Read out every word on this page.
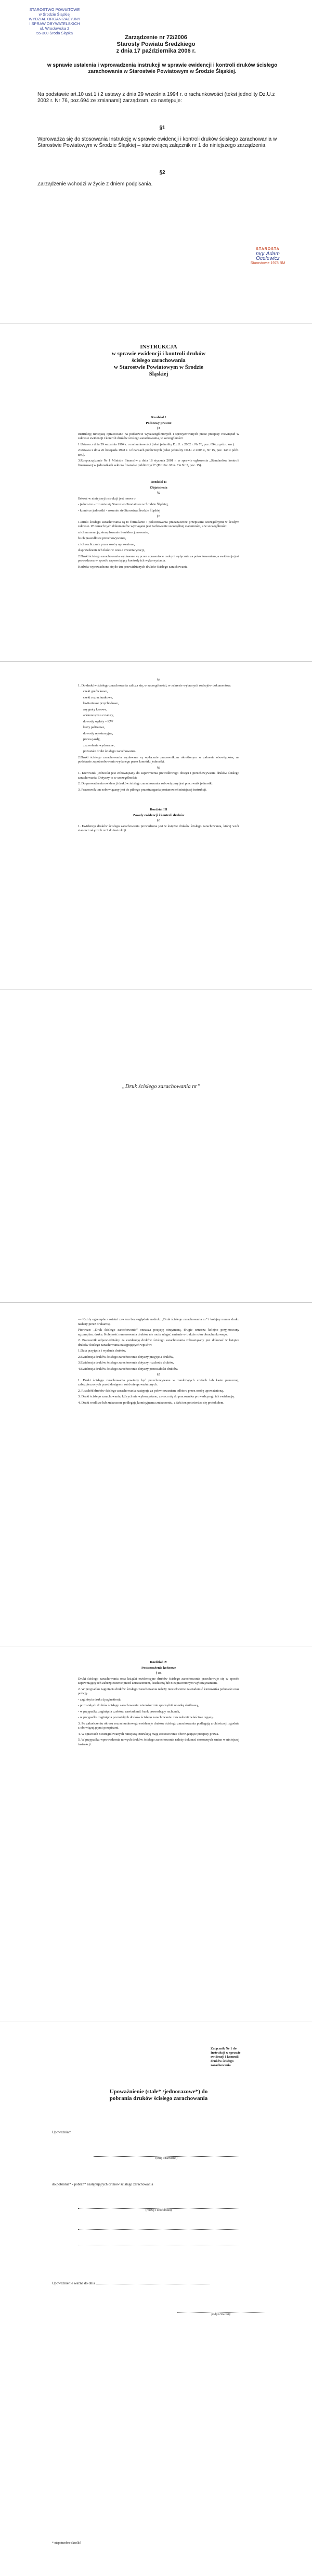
STAROSTWO POWIATOWE
w Środzie Śląskiej
WYDZIAŁ ORGANIZACYJNY
I SPRAW OBYWATELSKICH
ul. Wrocławska 2
55-300 Środa Śląska
Zarządzenie nr 72/2006
Starosty Powiatu Średzkiego
z dnia 17 października 2006 r.
w sprawie ustalenia i wprowadzenia instrukcji w sprawie ewidencji i kontroli druków ścisłego zarachowania w Starostwie Powiatowym w Środzie Śląskiej.
Na podstawie art.10 ust.1 i 2 ustawy z dnia 29 września 1994 r. o rachunkowości (tekst jednolity Dz.U.z 2002 r. Nr 76, poz.694 ze zmianami) zarządzam, co następuje:
§1
Wprowadza się do stosowania Instrukcję w sprawie ewidencji i kontroli druków ścisłego zarachowania w Starostwie Powiatowym w Środzie Śląskiej – stanowiącą załącznik nr 1 do niniejszego zarządzenia.
§2
Zarządzenie wchodzi w życie z dniem podpisania.
STAROSTA
mgr Adam Ocelewicz
Starostowie 1978 BM
INSTRUKCJA
w sprawie ewidencji i kontroli druków
ścisłego zarachowania
w Starostwie Powiatowym w Środzie
Śląskiej
Rozdział I
Podstawy prawne
§1

Instrukcję niniejszą opracowano na podstawie wyszczególnionych i sprecyzowanych przez przepisy rozwiązań w zakresie ewidencji i kontroli druków ścisłego zarachowania, w szczególności:

1.Ustawa z dnia 29 września 1994 r. o rachunkowości (tekst jednolity Dz.U. z 2002 r. Nr 76, poz. 694, z późn. zm.).

2.Ustawa z dnia 26 listopada 1998 r. o finansach publicznych (tekst jednolity Dz.U. z 2005 r., Nr 15, poz. 148 z późn. zm.).

3.Rozporządzenie Nr 1 Ministra Finansów z dnia 18 stycznia 2001 r. w sprawie ogłoszenia „Standardów kontroli finansowej w jednostkach sektora finansów publicznych” (Dz.Urz. Min. Fin.Nr 5, poz. 15).

Rozdział II
Objaśnienia
§2

Ilekroć w niniejszej instrukcji jest mowa o:

- jednostce - rozumie się Starostwo Powiatowe w Środzie Śląskiej,

- komórce jednostki - rozumie się Starostwa Środzie Śląskiej.

§3

1.Druki ścisłego zarachowania są to formularze i pokwitowania przeznaczone przepisami szczególnymi w ścisłym zakresie. W ramach tych dokumentów wymagane jest zachowanie szczególnej staranności, a w szczególności:

a.ich numeracja, stemplowanie i ewidencjonowanie,

b.ich prawidłowe przechowywanie,

c.ich rozliczanie przez osoby uprawnione,

d.sprawdzanie ich ilości w czasie inwentaryzacji,

2.Druki ścisłego zarachowania wydawane są przez uprawnione osoby i wyłącznie za pokwitowaniem, a ewidencja jest prowadzona w sposób zapewniający kontrolę ich wykorzystania.

Kadzów wprowadzone się do tzn przewidzianych druków ścisłego zarachowania.

§4

1. Do druków ścisłego zarachowania zalicza się, w szczególności, w zakresie wybranych rodzajów dokumentów:

czeki gotówkowe,

czeki rozrachunkowe,

kwitariusze przychodowe,

asygnaty kasowe,

arkusze spisu z natury,

dowody wpłaty – KW

karty paliwowe,

dowody rejestracyjne,

prawa jazdy,

zezwolenia wydawane,

pozostałe druki ścisłego zarachowania.

2.Druki ścisłego zarachowania wydawane są wyłącznie pracownikom określonym w zakresie obowiązków, na podstawie zapotrzebowania wydanego przez komórki jednostki.

§5

1. Kierownik jednostki jest zobowiązany do zapewnienia prawidłowego obiegu i przechowywania druków ścisłego zarachowania. Dotyczy to w szczególności:

2. Do prowadzenia ewidencji druków ścisłego zarachowania zobowiązany jest pracownik jednostki.

3. Pracownik ten zobowiązany jest do pilnego przestrzegania postanowień niniejszej instrukcji.

Rozdział III
Zasady ewidencji i kontroli druków
§6

1. Ewidencja druków ścisłego zarachowania prowadzona jest w książce druków ścisłego zarachowania, której wzór stanowi załącznik nr 2 do instrukcji.

„Druk ścisłego zarachowania nr”

— Każdy egzemplarz ostatni zawiera bezwzględnie nadruk: „Druk ścisłego zarachowania nr” i kolejny numer druku nadany przez drukarnię.

Pierwsze: „Druk ścisłego zarachowania” oznacza pozycję otrzymaną, drugie oznacza kolejno przyjmowany egzemplarz druku. Kolejność numerowania druków nie może ulegać zmianie w trakcie roku obrachunkowego.

2. Pracownik odpowiedzialny za ewidencję druków ścisłego zarachowania zobowiązany jest dokonać w książce druków ścisłego zarachowania następujących wpisów:

1.Data przyjęcia i wydania druków,

2.Ewidencja druków ścisłego zarachowania dotyczy przyjęcia druków,

3.Ewidencja druków ścisłego zarachowania dotyczy rozchodu druków,

4.Ewidencja druków ścisłego zarachowania dotyczy pozostałości druków.

§7

1. Druki ścisłego zarachowania powinny być przechowywane w zamkniętych szafach lub kasie pancernej, zabezpieczonych przed dostępem osób nieupoważnionych.

2. Rozchód druków ścisłego zarachowania następuje za pokwitowaniem odbioru przez osobę upoważnioną.

3. Druki ścisłego zarachowania, których nie wykorzystano, zwraca się do pracownika prowadzącego ich ewidencję.

4. Druki wadliwe lub zniszczone podlegają komisyjnemu zniszczeniu, a fakt ten potwierdza się protokołem.

Rozdział IV
Postanowienia końcowe
§10.

Druki ścisłego zarachowania oraz książki ewidencyjne druków ścisłego zarachowania przechowuje się w sposób zapewniający ich zabezpieczenie przed zniszczeniem, kradzieżą lub nieuprawnionym wykorzystaniem.

2. W przypadku zaginięcia druków ścisłego zarachowania należy niezwłocznie zawiadomić kierownika jednostki oraz policję.

- zaginięcia druku (pagination):

- pozostałych druków ścisłego zarachowania: niezwłocznie sporządzić notatkę służbową,

- w przypadku zaginięcia czeków: zawiadomić bank prowadzący rachunek,

- w przypadku zaginięcia pozostałych druków ścisłego zarachowania: zawiadomić właściwe organy.

3. Po zakończeniu okresu rozrachunkowego ewidencje druków ścisłego zarachowania podlegają archiwizacji zgodnie z obowiązującymi przepisami.

4. W sprawach nieuregulowanych niniejszą instrukcją mają zastosowanie obowiązujące przepisy prawa.

5. W przypadku wprowadzenia nowych druków ścisłego zarachowania należy dokonać stosownych zmian w niniejszej instrukcji.

Załącznik Nr 1 do
Instrukcji w sprawie
ewidencji i kontroli
druków ścisłego
zarachowania
Upoważnienie (stałe* /jednorazowe*) do
pobrania druków ścisłego zarachowania
Upoważniam
(imię i nazwisko)
do pobrania* - pobrań* następujących druków ścisłego zarachowania
(rodzaj i ilość druku)
Upoważnienie ważne do dnia
podpis Starosty
* niepotrzebne skreślić
